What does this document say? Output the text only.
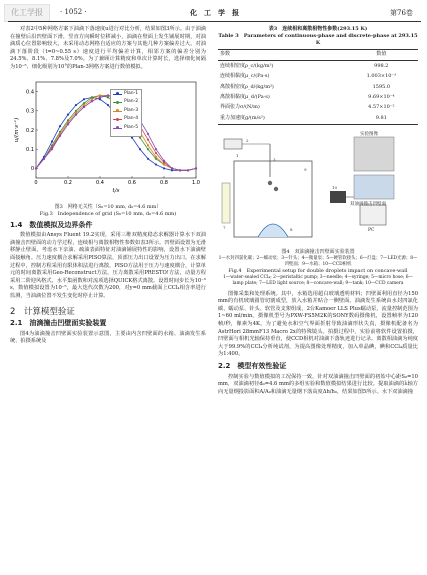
化工学报	· 1052 ·	化　工　学　报	第76卷

对表2中5种网格方案下油滴下落速度u进行对比分析，结果如图3所示。由于油滴在撞壁后沿凹壁面下滑，竖直方向瞬时位移减小，油滴在壁面上发生铺展时期，对油滴质心位置影响较大，未采用动态网格自适应的方案与其他几种方案偏差过大。对油滴下落阶段（t=0~0.55 s）速度进行平均偏差计算，相邻方案的偏差分别为24.5%、8.1%、7.8%及7.0%。为了兼顾计算精度和单次计算时长，选择细化间隔为10⁻⁵、细化级别为10°的Plan-3网格方案进行数值模拟。

0	0.2	0.4	0.6	0.8	1.0
0
0.1
0.2
0.3
0.4
t/s
u/(m·s⁻¹)
Plan-1
Plan-2
Plan-3
Plan-4
Plan-5
图3　网格无关性（S₀=10 mm, d₀=4.6 mm）
Fig.3　Independence of grid (S₀=10 mm, d₀=4.6 mm)
1.4　数值模拟及边界条件

数值模拟由Ansys Fluent 19.2实现，采用三维双精度稳态求解器计算水下双油滴撞击凹壁面的动力学过程，连续相与离散相物性参数如表3所示。凹壁面设置为无滑移静止壁面，考虑水下亲油、疏油表面特征对油滴铺展特性的影响，设置水下油滴壁面接触角。压力速度耦合求解采用PISO算法，顶部压力出口设置为压力出口。在求解过程中，控制方程采用有限体积法进行离散，PISO方法用于压力与速度耦合，计算单元的时间离散采用Geo-Reconstruct方法，压力离散采用PRESTO!方法，动量方程采用二阶迎风格式，水平集函数和对流项选择QUICK格式离散。设置时间步长为10⁻⁵ s，数值模拟设置为10⁻⁵，最大迭代次数为200，对y=0 mm截面上CCl₄相含率进行监测，当油滴位置不发生变化时停止计算。

2　计算模型验证
2.1　油滴撞击凹壁面实验装置

图4为油滴撞击凹壁面实验装置示意图，主要由内含凹壁面的水箱、油滴发生系统、拍摄系统及

表3　连续相和离散相物性参数(293.15 K)
Table 3　Parameters of continuous-phase and discrete-phase at 293.15 K
参数	数值
连续相密度ρ_c/(kg/m³)	998.2
连续相黏度μ_c/(Pa·s)	1.003×10⁻³
离散相密度ρ_d/(kg/m³)	1595.0
离散相黏度μ_d/(Pa·s)	9.69×10⁻⁴
界面张力σ/(N/m)	4.57×10⁻²
重力加速度g/(m/s²)	9.81
1
2
3
7	8
9
10
实验图像
双油滴撞击凹壁面
PC
图4　双油滴撞击凹壁面实验装置
1—水封四氯化碳；2—蠕动泵；3—针头；4—微量泵；5—硬管软接头；6—灯盘；7—LED光源；8—凹壁面；9—水箱；10—CCD相机
Fig.4　Experimental setup for double droplets impact on concave-wall
1—water-sealed CCl₄; 2—peristaltic pump; 3—needle; 4—syringe; 5—micro hose; 6—lamp plate; 7—LED light source; 8—concave-wall; 9—tank; 10—CCD camera

图像采集和处理系统。其中，水箱选用超白玻璃透明材料；凹壁面利用直径为150 mm的有机玻璃圆管切割成型，放入水箱并贴合一侧壁面。油滴发生系统由水封四氯化碳、蠕动泵、针头、软管及支架组成，2台Kamoer LLS Plus蠕动泵，流量控制范围为1~60 ml/min。摄像机型号为PXW-FS5M2K的SONY数码摄像机，设置帧率为120帧/秒，像素为4K。为了避免水和空气界面折射导致油滴形状失真，摄像机配备名为AstrHori 28mmF13 Macro 2x的特殊镜头。拍摄过程中，实验前将软件设置拍摄，凹壁面与相机光轴保持垂直，使CCD相机对油滴下落轨迹进行记录。离散相油滴为纯度大于99.9%的CCl₄分析纯试剂，为提高图像处理精度，加入单晶碘，碘和CCl₄质量比为1:400。

2.2　模型有效性验证

控制实验与数值模拟的工况保持一致，针对双油滴撞击凹壁面的初始中心距S₀=10 mm，双油滴初径d₀=4.6 mm的多组实验和数值模拟结果进行比较。提取油滴的λ轴方向无量纲投影面积A/A₀和油滴无量纲下落高度Δh/h₀，结果如图5所示。水下双油滴撞
